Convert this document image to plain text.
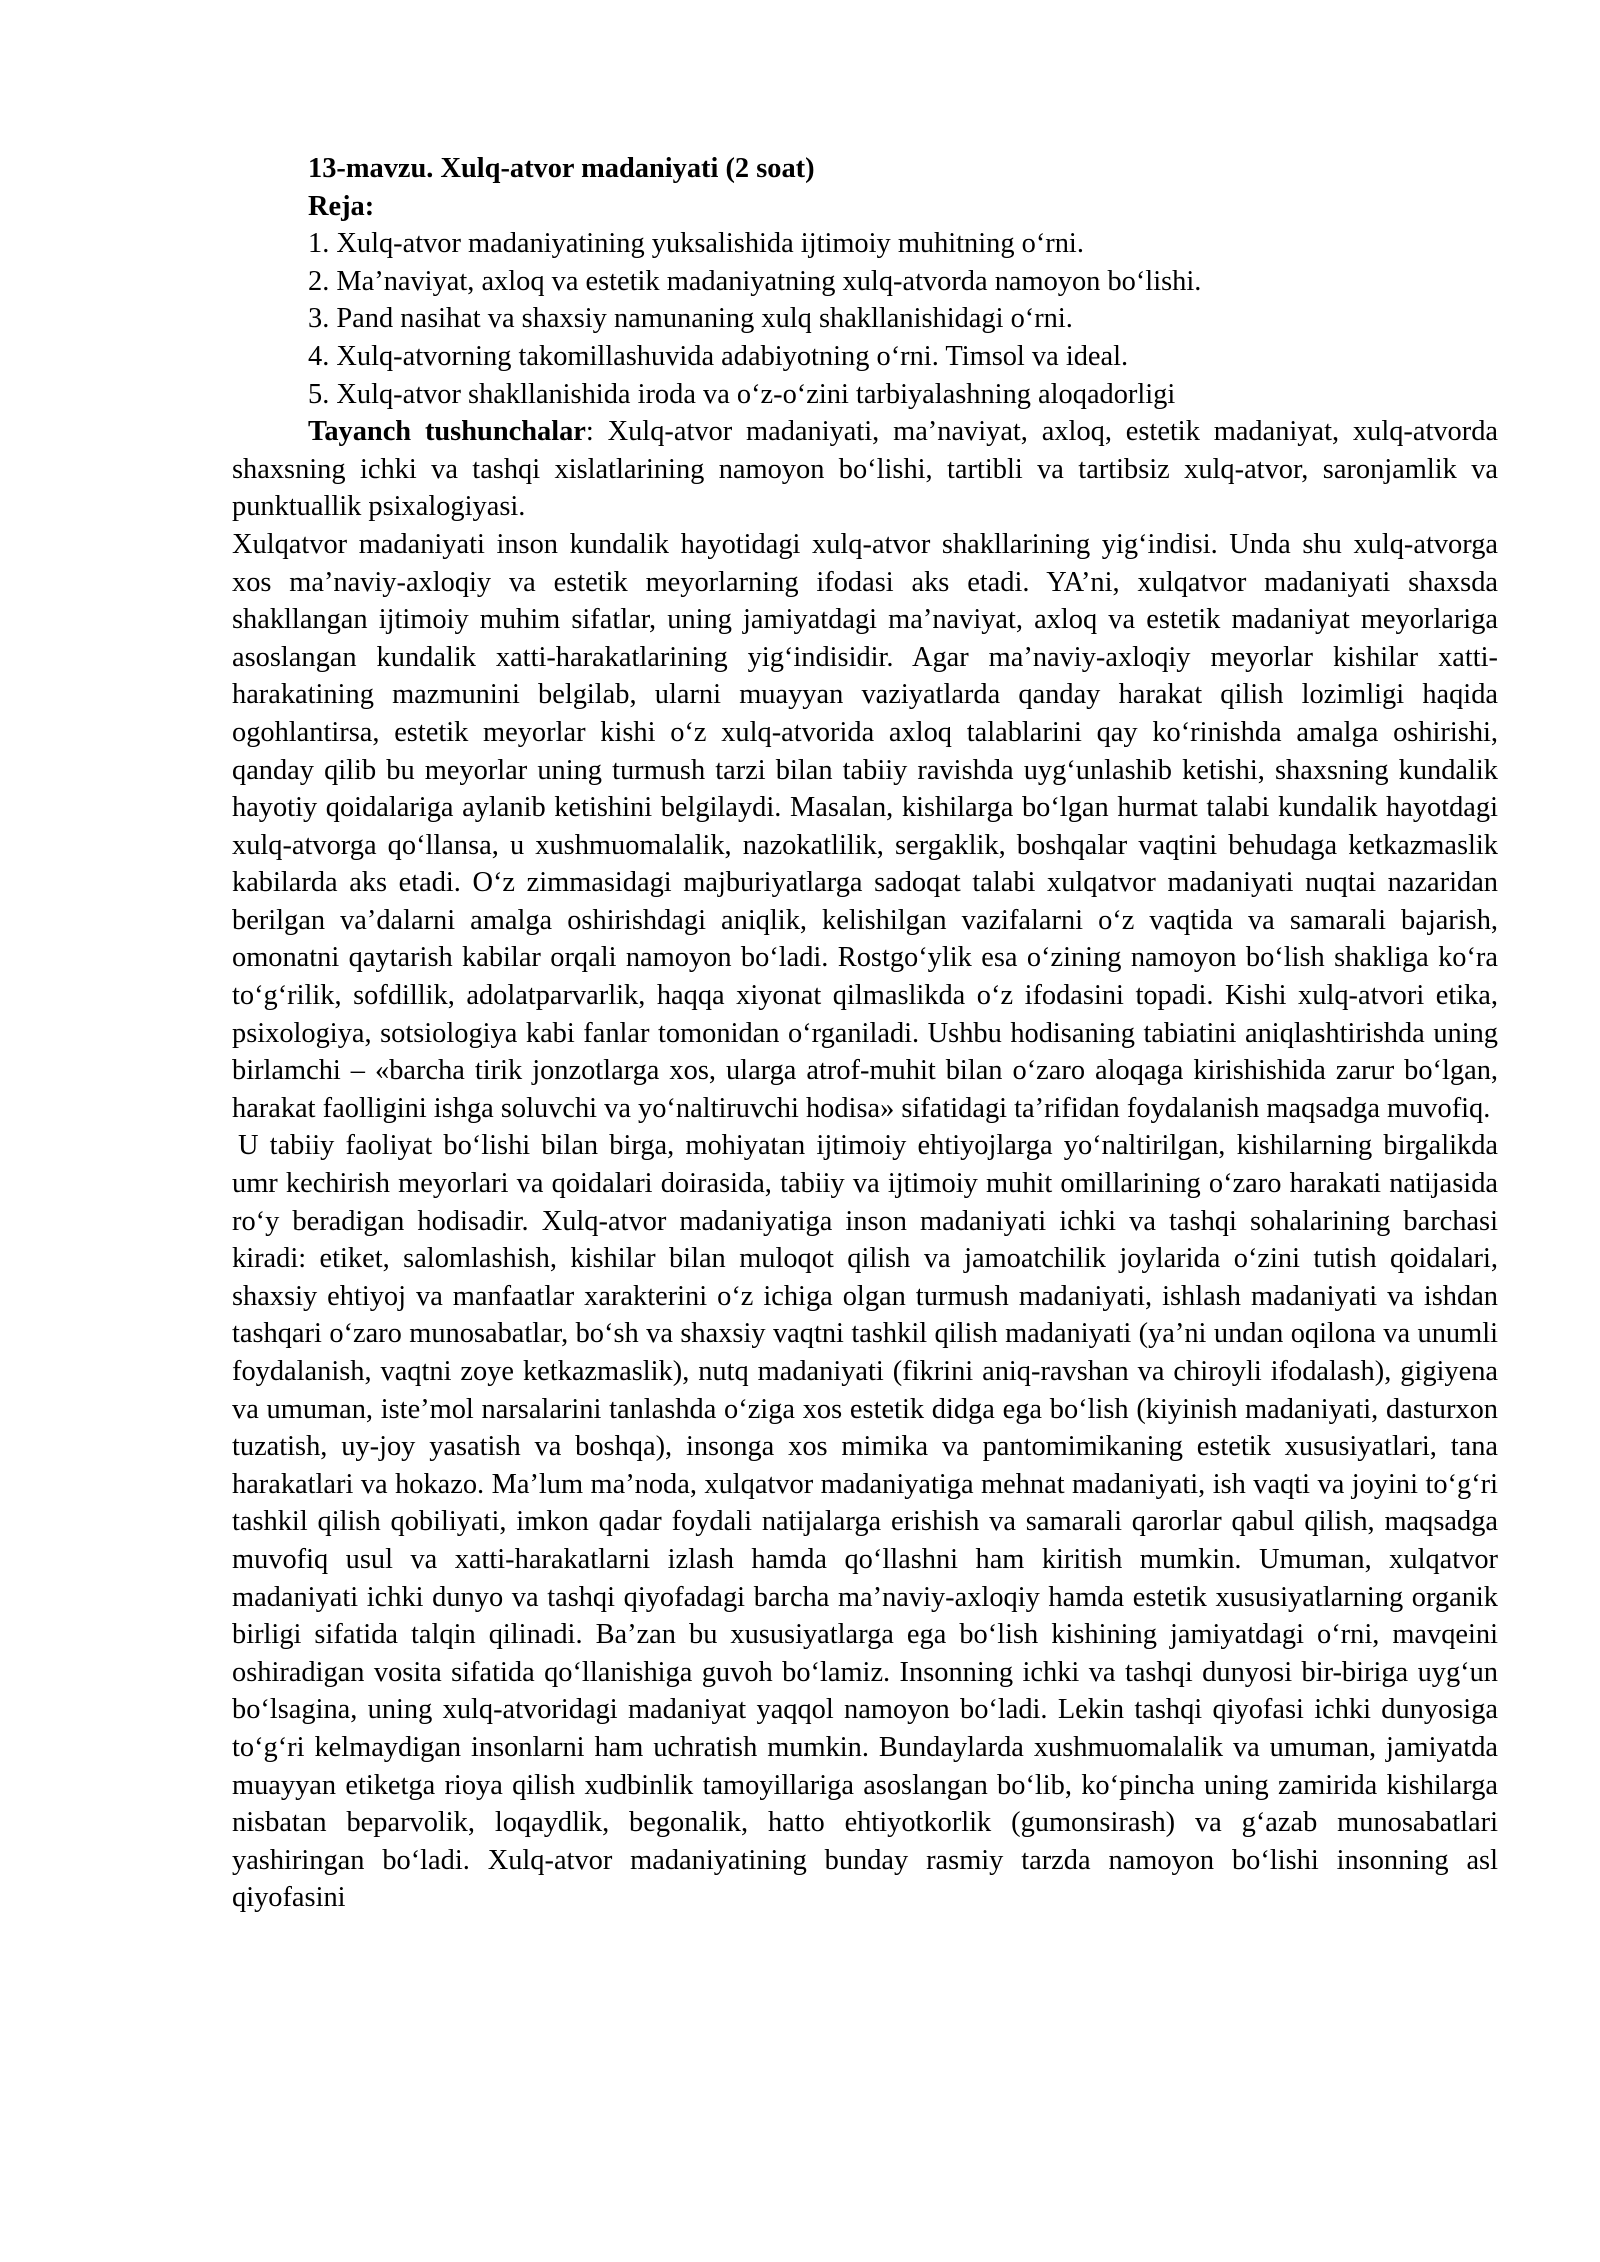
13-mavzu. Xulq-atvor madaniyati (2 soat)

Reja:

1. Xulq-atvor madaniyatining yuksalishida ijtimoiy muhitning o‘rni.
2. Ma’naviyat, axloq va estetik madaniyatning xulq-atvorda namoyon bo‘lishi.
3. Pand nasihat va shaxsiy namunaning xulq shakllanishidagi o‘rni.
4. Xulq-atvorning takomillashuvida adabiyotning o‘rni. Timsol va ideal.
5. Xulq-atvor shakllanishida iroda va o‘z-o‘zini tarbiyalashning aloqadorligi

Tayanch tushunchalar: Xulq-atvor madaniyati, ma’naviyat, axloq, estetik madaniyat, xulq-atvorda shaxsning ichki va tashqi xislatlarining namoyon bo‘lishi, tartibli va tartibsiz xulq-atvor, saronjamlik va punktuallik psixalogiyasi.

Xulqatvor madaniyati inson kundalik hayotidagi xulq-atvor shakllarining yig‘indisi. Unda shu xulq-atvorga xos ma’naviy-axloqiy va estetik meyorlarning ifodasi aks etadi. YA’ni, xulqatvor madaniyati shaxsda shakllangan ijtimoiy muhim sifatlar, uning jamiyatdagi ma’naviyat, axloq va estetik madaniyat meyorlariga asoslangan kundalik xatti-harakatlarining yig‘indisidir. Agar ma’naviy-axloqiy meyorlar kishilar xatti-harakatining mazmunini belgilab, ularni muayyan vaziyatlarda qanday harakat qilish lozimligi haqida ogohlantirsa, estetik meyorlar kishi o‘z xulq-atvorida axloq talablarini qay ko‘rinishda amalga oshirishi, qanday qilib bu meyorlar uning turmush tarzi bilan tabiiy ravishda uyg‘unlashib ketishi, shaxsning kundalik hayotiy qoidalariga aylanib ketishini belgilaydi. Masalan, kishilarga bo‘lgan hurmat talabi kundalik hayotdagi xulq-atvorga qo‘llansa, u xushmuomalalik, nazokatlilik, sergaklik, boshqalar vaqtini behudaga ketkazmaslik kabilarda aks etadi. O‘z zimmasidagi majburiyatlarga sadoqat talabi xulqatvor madaniyati nuqtai nazaridan berilgan va’dalarni amalga oshirishdagi aniqlik, kelishilgan vazifalarni o‘z vaqtida va samarali bajarish, omonatni qaytarish kabilar orqali namoyon bo‘ladi. Rostgo‘ylik esa o‘zining namoyon bo‘lish shakliga ko‘ra to‘g‘rilik, sofdillik, adolatparvarlik, haqqa xiyonat qilmaslikda o‘z ifodasini topadi. Kishi xulq-atvori etika, psixologiya, sotsiologiya kabi fanlar tomonidan o‘rganiladi. Ushbu hodisaning tabiatini aniqlashtirishda uning birlamchi – «barcha tirik jonzotlarga xos, ularga atrof-muhit bilan o‘zaro aloqaga kirishishida zarur bo‘lgan, harakat faolligini ishga soluvchi va yo‘naltiruvchi hodisa» sifatidagi ta’rifidan foydalanish maqsadga muvofiq.

U tabiiy faoliyat bo‘lishi bilan birga, mohiyatan ijtimoiy ehtiyojlarga yo‘naltirilgan, kishilarning birgalikda umr kechirish meyorlari va qoidalari doirasida, tabiiy va ijtimoiy muhit omillarining o‘zaro harakati natijasida ro‘y beradigan hodisadir. Xulq-atvor madaniyatiga inson madaniyati ichki va tashqi sohalarining barchasi kiradi: etiket, salomlashish, kishilar bilan muloqot qilish va jamoatchilik joylarida o‘zini tutish qoidalari, shaxsiy ehtiyoj va manfaatlar xarakterini o‘z ichiga olgan turmush madaniyati, ishlash madaniyati va ishdan tashqari o‘zaro munosabatlar, bo‘sh va shaxsiy vaqtni tashkil qilish madaniyati (ya’ni undan oqilona va unumli foydalanish, vaqtni zoye ketkazmaslik), nutq madaniyati (fikrini aniq-ravshan va chiroyli ifodalash), gigiyena va umuman, iste’mol narsalarini tanlashda o‘ziga xos estetik didga ega bo‘lish (kiyinish madaniyati, dasturxon tuzatish, uy-joy yasatish va boshqa), insonga xos mimika va pantomimikaning estetik xususiyatlari, tana harakatlari va hokazo. Ma’lum ma’noda, xulqatvor madaniyatiga mehnat madaniyati, ish vaqti va joyini to‘g‘ri tashkil qilish qobiliyati, imkon qadar foydali natijalarga erishish va samarali qarorlar qabul qilish, maqsadga muvofiq usul va xatti-harakatlarni izlash hamda qo‘llashni ham kiritish mumkin. Umuman, xulqatvor madaniyati ichki dunyo va tashqi qiyofadagi barcha ma’naviy-axloqiy hamda estetik xususiyatlarning organik birligi sifatida talqin qilinadi. Ba’zan bu xususiyatlarga ega bo‘lish kishining jamiyatdagi o‘rni, mavqeini oshiradigan vosita sifatida qo‘llanishiga guvoh bo‘lamiz. Insonning ichki va tashqi dunyosi bir-biriga uyg‘un bo‘lsagina, uning xulq-atvoridagi madaniyat yaqqol namoyon bo‘ladi. Lekin tashqi qiyofasi ichki dunyosiga to‘g‘ri kelmaydigan insonlarni ham uchratish mumkin. Bundaylarda xushmuomalalik va umuman, jamiyatda muayyan etiketga rioya qilish xudbinlik tamoyillariga asoslangan bo‘lib, ko‘pincha uning zamirida kishilarga nisbatan beparvolik, loqaydlik, begonalik, hatto ehtiyotkorlik (gumonsirash) va g‘azab munosabatlari yashiringan bo‘ladi. Xulq-atvor madaniyatining bunday rasmiy tarzda namoyon bo‘lishi insonning asl qiyofasini
